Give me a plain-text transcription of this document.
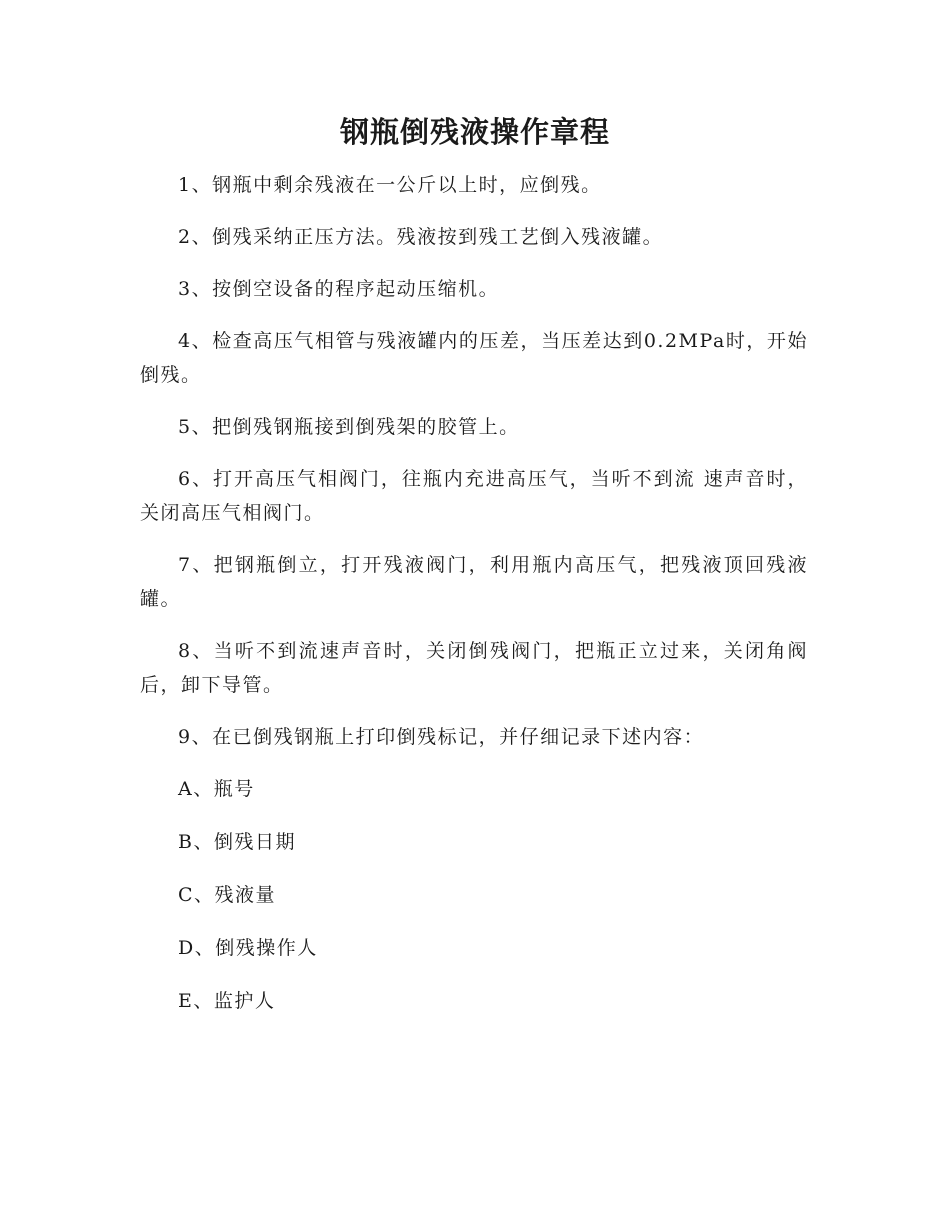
钢瓶倒残液操作章程

1、钢瓶中剩余残液在一公斤以上时，应倒残。

2、倒残采纳正压方法。残液按到残工艺倒入残液罐。

3、按倒空设备的程序起动压缩机。

4、检查高压气相管与残液罐内的压差，当压差达到0.2MPa时，开始倒残。

5、把倒残钢瓶接到倒残架的胶管上。

6、打开高压气相阀门，往瓶内充进高压气，当听不到流 速声音时，关闭高压气相阀门。

7、把钢瓶倒立，打开残液阀门，利用瓶内高压气，把残液顶回残液罐。

8、当听不到流速声音时，关闭倒残阀门，把瓶正立过来，关闭角阀后，卸下导管。

9、在已倒残钢瓶上打印倒残标记，并仔细记录下述内容：

A、瓶号

B、倒残日期

C、残液量

D、倒残操作人

E、监护人
